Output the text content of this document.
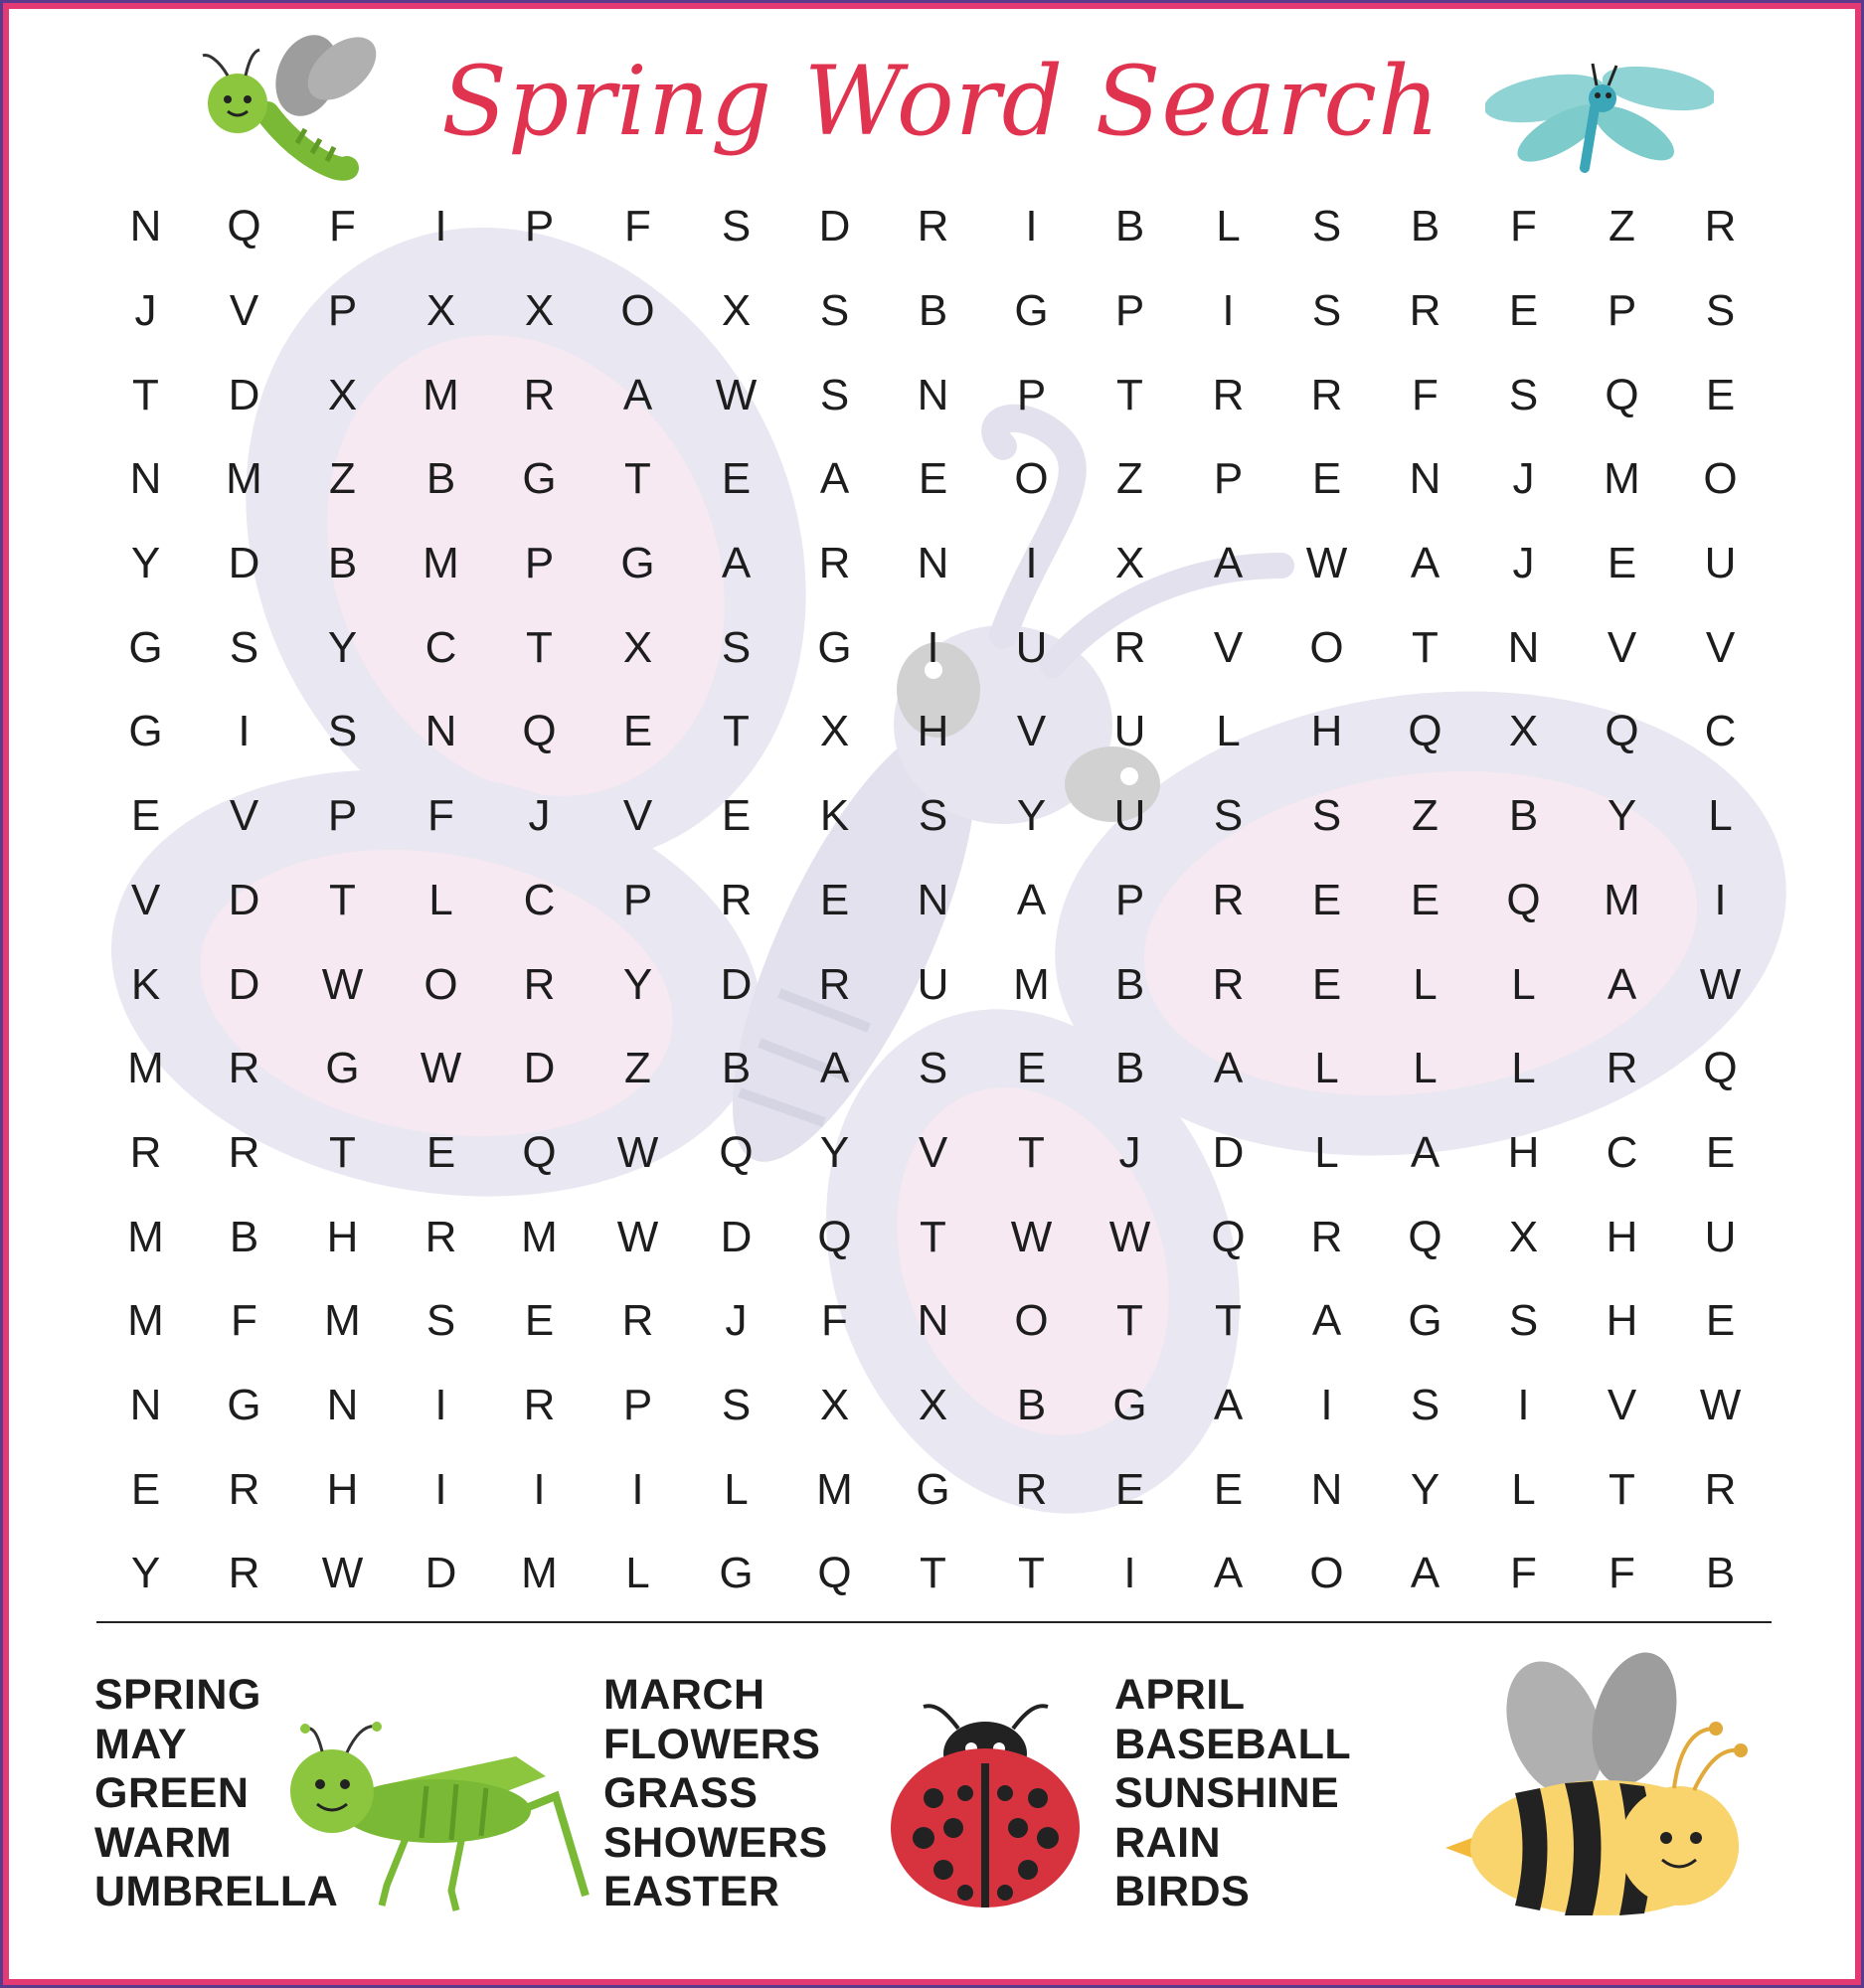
Spring Word Search
N	Q	F	I	P	F	S	D	R	I	B	L	S	B	F	Z	R
J	V	P	X	X	O	X	S	B	G	P	I	S	R	E	P	S
T	D	X	M	R	A	W	S	N	P	T	R	R	F	S	Q	E
N	M	Z	B	G	T	E	A	E	O	Z	P	E	N	J	M	O
Y	D	B	M	P	G	A	R	N	I	X	A	W	A	J	E	U
G	S	Y	C	T	X	S	G	I	U	R	V	O	T	N	V	V
G	I	S	N	Q	E	T	X	H	V	U	L	H	Q	X	Q	C
E	V	P	F	J	V	E	K	S	Y	U	S	S	Z	B	Y	L
V	D	T	L	C	P	R	E	N	A	P	R	E	E	Q	M	I
K	D	W	O	R	Y	D	R	U	M	B	R	E	L	L	A	W
M	R	G	W	D	Z	B	A	S	E	B	A	L	L	L	R	Q
R	R	T	E	Q	W	Q	Y	V	T	J	D	L	A	H	C	E
M	B	H	R	M	W	D	Q	T	W	W	Q	R	Q	X	H	U
M	F	M	S	E	R	J	F	N	O	T	T	A	G	S	H	E
N	G	N	I	R	P	S	X	X	B	G	A	I	S	I	V	W
E	R	H	I	I	I	L	M	G	R	E	E	N	Y	L	T	R
Y	R	W	D	M	L	G	Q	T	T	I	A	O	A	F	F	B
SPRING
MAY
GREEN
WARM
UMBRELLA
MARCH
FLOWERS
GRASS
SHOWERS
EASTER
APRIL
BASEBALL
SUNSHINE
RAIN
BIRDS
